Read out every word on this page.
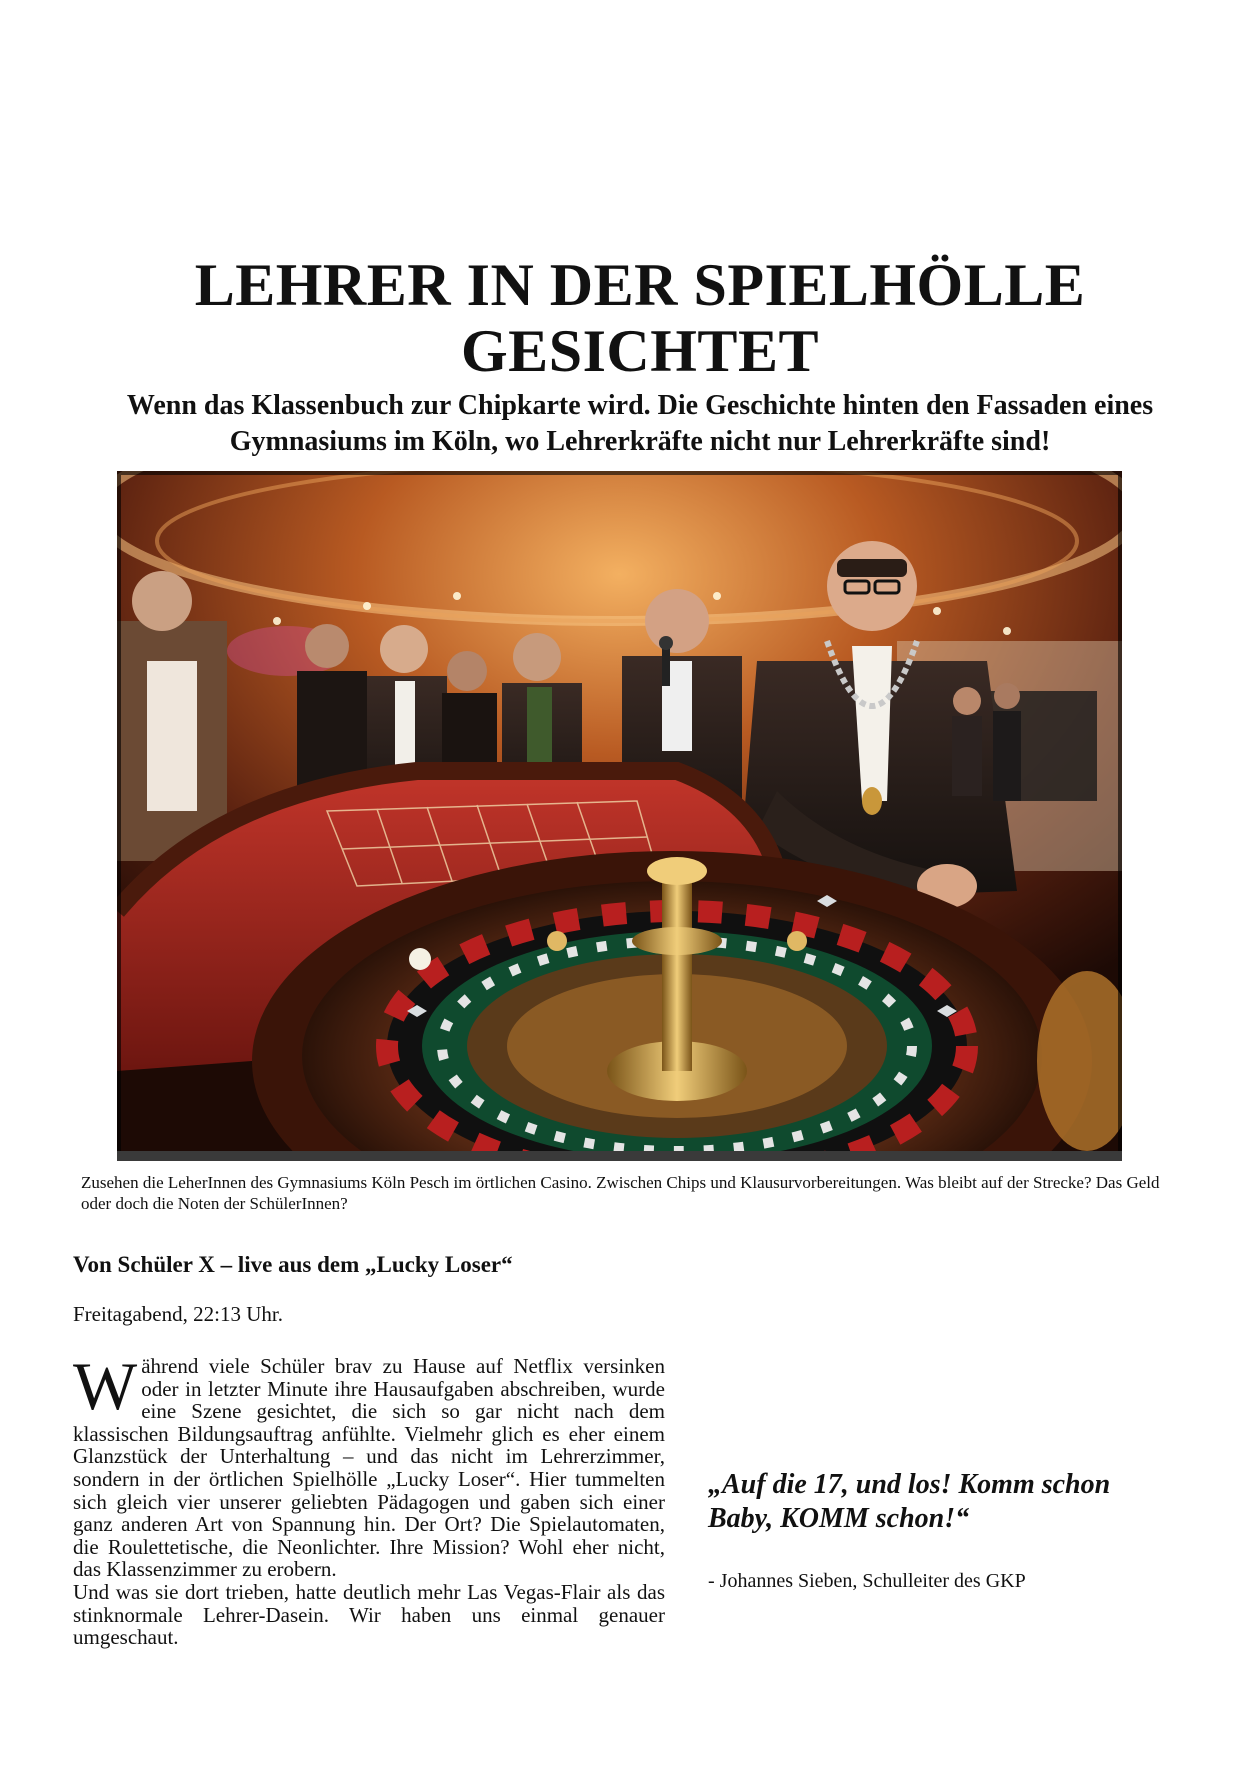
LEHRER IN DER SPIELHÖLLE GESICHTET
Wenn das Klassenbuch zur Chipkarte wird. Die Geschichte hinten den Fassaden eines Gymnasiums im Köln, wo Lehrerkräfte nicht nur Lehrerkräfte sind!

Zusehen die LeherInnen des Gymnasiums Köln Pesch im örtlichen Casino. Zwischen Chips und Klausurvorbereitungen. Was bleibt auf der Strecke? Das Geld oder doch die Noten der SchülerInnen?

Von Schüler X – live aus dem „Lucky Loser“

Freitagabend, 22:13 Uhr.

Während viele Schüler brav zu Hause auf Netflix versinken oder in letzter Minute ihre Hausaufgaben abschreiben, wurde eine Szene gesichtet, die sich so gar nicht nach dem klassischen Bildungsauftrag anfühlte. Vielmehr glich es eher einem Glanzstück der Unterhaltung – und das nicht im Lehrerzimmer, sondern in der örtlichen Spielhölle „Lucky Loser“. Hier tummelten sich gleich vier unserer geliebten Pädagogen und gaben sich einer ganz anderen Art von Spannung hin. Der Ort? Die Spielautomaten, die Roulettetische, die Neonlichter. Ihre Mission? Wohl eher nicht, das Klassenzimmer zu erobern.
Und was sie dort trieben, hatte deutlich mehr Las Vegas-Flair als das stinknormale Lehrer-Dasein. Wir haben uns einmal genauer umgeschaut.

„Auf die 17, und los! Komm schon Baby, KOMM schon!“

- Johannes Sieben, Schulleiter des GKP
